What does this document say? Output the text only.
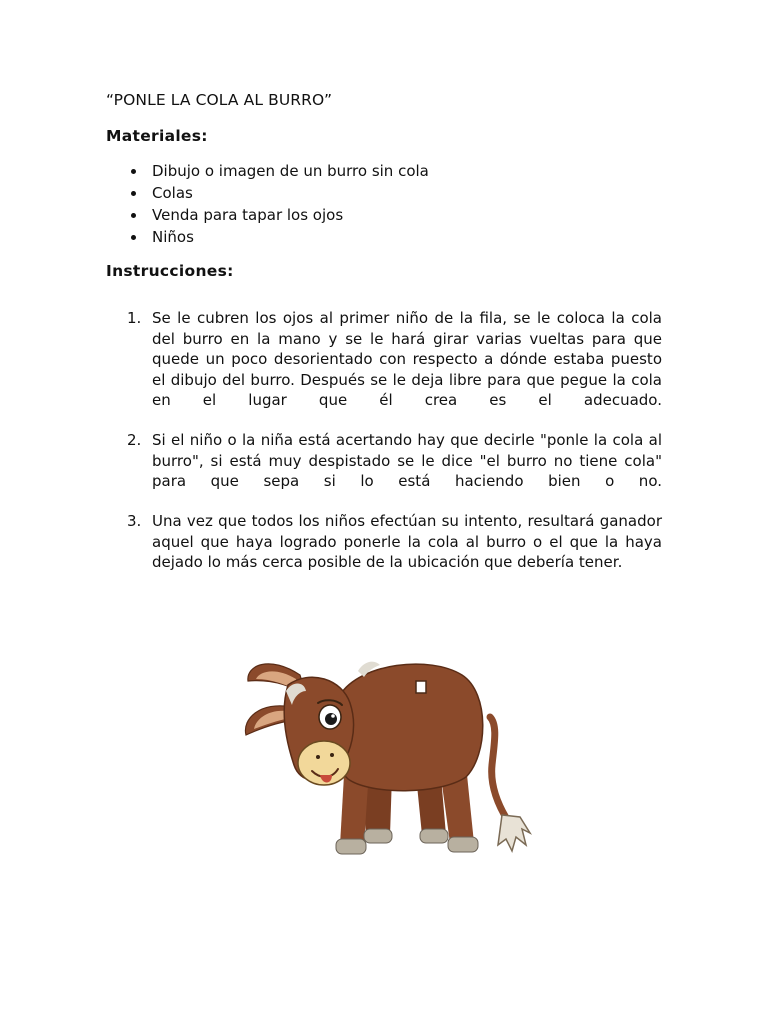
“PONLE LA COLA AL BURRO”
Materiales:
Dibujo o imagen de un burro sin cola
Colas
Venda para tapar los ojos
Niños
Instrucciones:
1. Se le cubren los ojos al primer niño de la fila, se le coloca la cola del burro en la mano y se le hará girar varias vueltas para que quede un poco desorientado con respecto a dónde estaba puesto el dibujo del burro. Después se le deja libre para que pegue la cola en el lugar que él crea es el adecuado.
2. Si el niño o la niña está acertando hay que decirle "ponle la cola al burro", si está muy despistado se le dice "el burro no tiene cola" para que sepa si lo está haciendo bien o no.
3. Una vez que todos los niños efectúan su intento, resultará ganador aquel que haya logrado ponerle la cola al burro o el que la haya dejado lo más cerca posible de la ubicación que debería tener.
